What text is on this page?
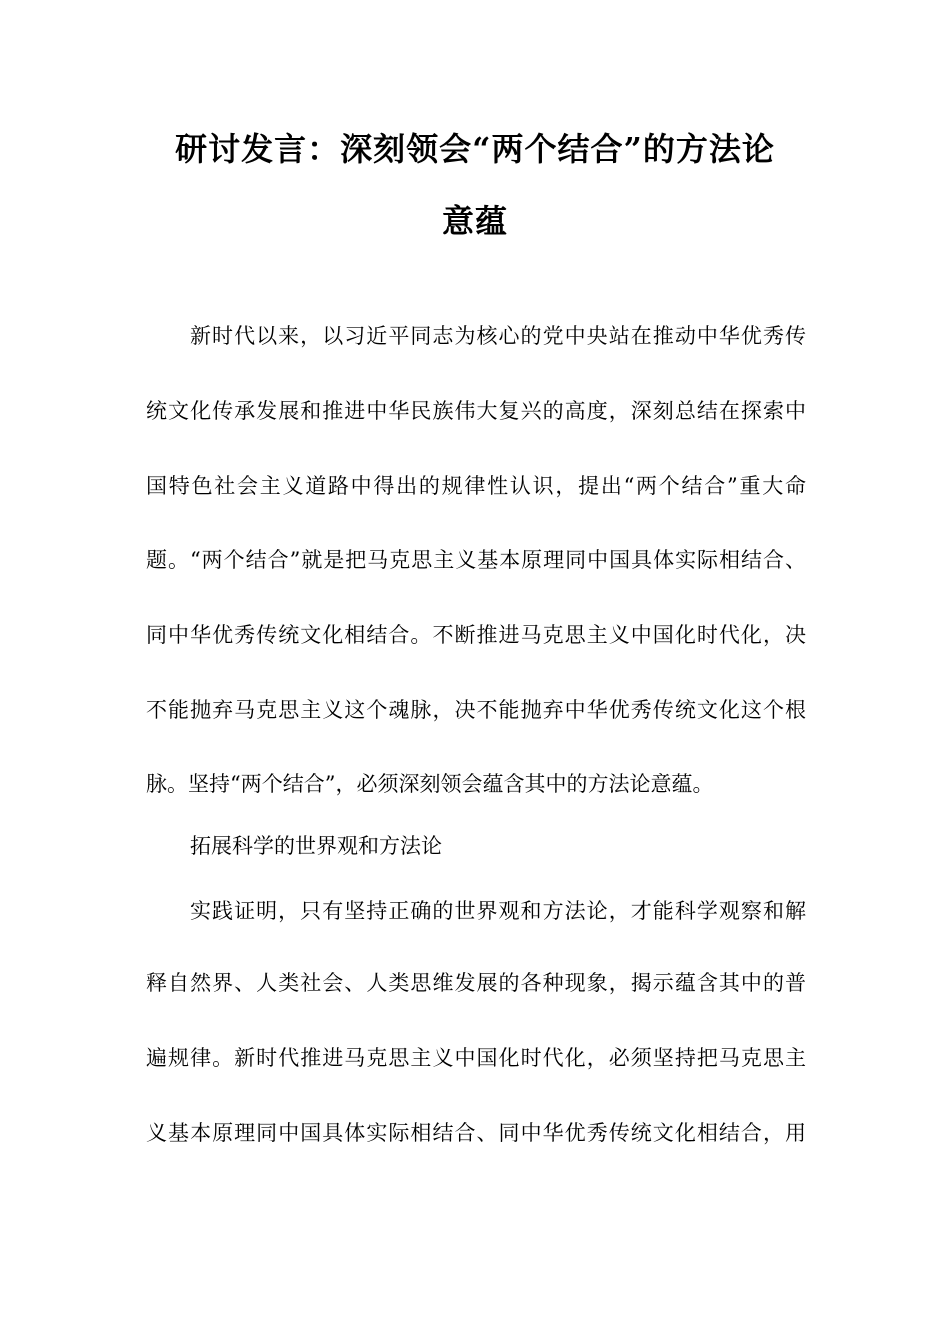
研讨发言：深刻领会“两个结合”的方法论
意蕴
新时代以来，以习近平同志为核心的党中央站在推动中华优秀传
统文化传承发展和推进中华民族伟大复兴的高度，深刻总结在探索中
国特色社会主义道路中得出的规律性认识，提出“两个结合”重大命
题。“两个结合”就是把马克思主义基本原理同中国具体实际相结合、
同中华优秀传统文化相结合。不断推进马克思主义中国化时代化，决
不能抛弃马克思主义这个魂脉，决不能抛弃中华优秀传统文化这个根
脉。坚持“两个结合”，必须深刻领会蕴含其中的方法论意蕴。
拓展科学的世界观和方法论
实践证明，只有坚持正确的世界观和方法论，才能科学观察和解
释自然界、人类社会、人类思维发展的各种现象，揭示蕴含其中的普
遍规律。新时代推进马克思主义中国化时代化，必须坚持把马克思主
义基本原理同中国具体实际相结合、同中华优秀传统文化相结合，用
